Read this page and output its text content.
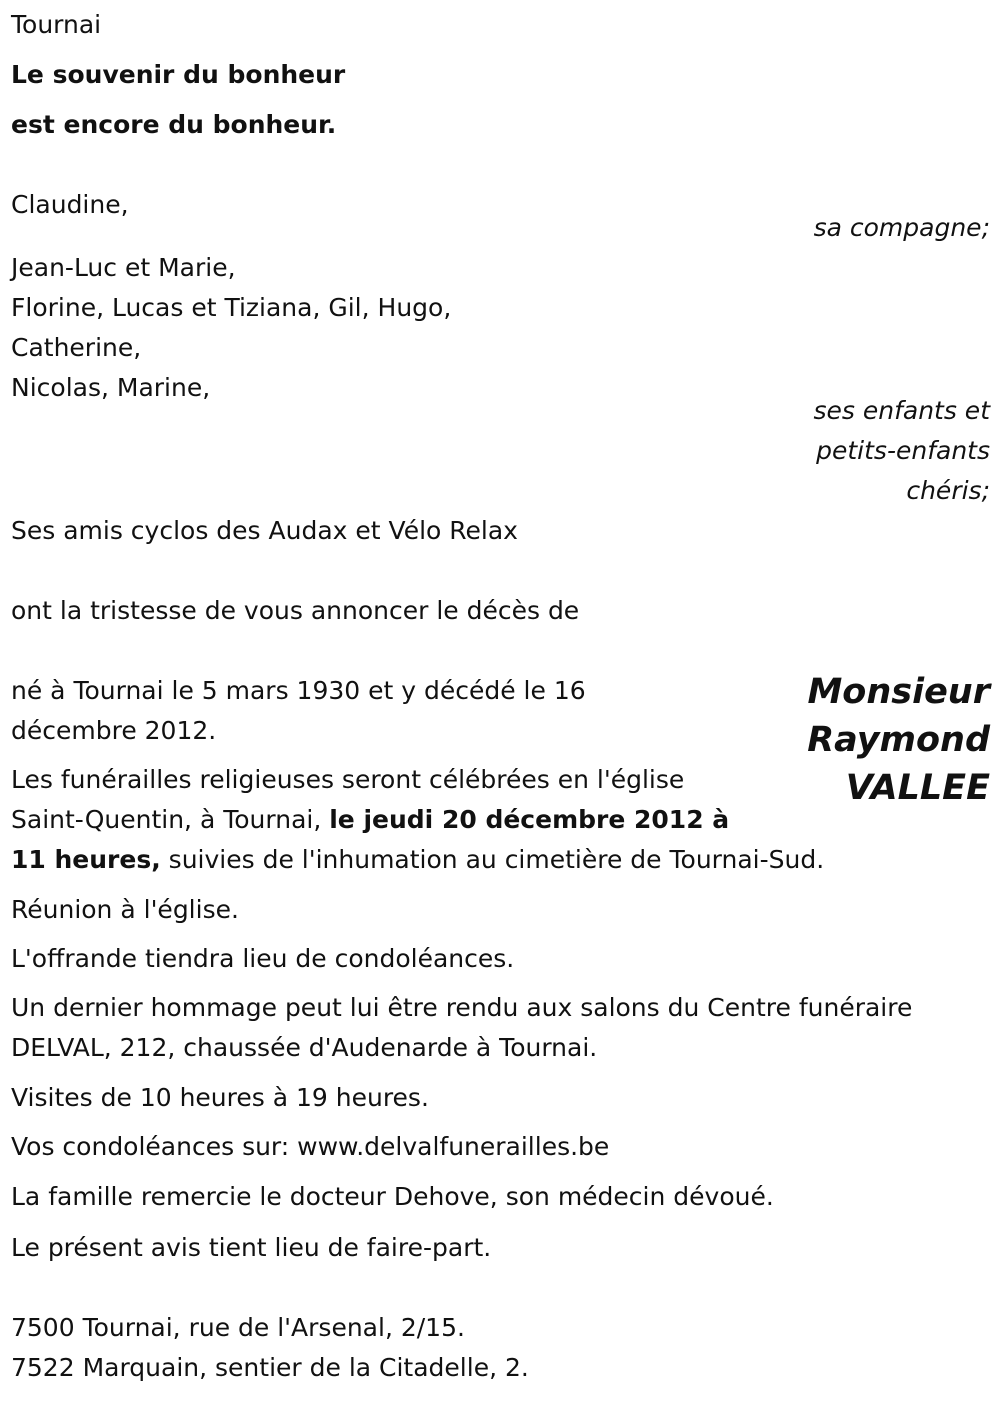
Tournai
Le souvenir du bonheur
est encore du bonheur.
Claudine,
sa compagne;
Jean-Luc et Marie,
Florine, Lucas et Tiziana, Gil, Hugo,
Catherine,
Nicolas, Marine,
ses enfants et
petits-enfants
chéris;
Ses amis cyclos des Audax et Vélo Relax
ont la tristesse de vous annoncer le décès de
Monsieur
Raymond
VALLEE
né à Tournai le 5 mars 1930 et y décédé le 16
décembre 2012.
Les funérailles religieuses seront célébrées en l'église
Saint-Quentin, à Tournai, le jeudi 20 décembre 2012 à
11 heures, suivies de l'inhumation au cimetière de Tournai-Sud.
Réunion à l'église.
L'offrande tiendra lieu de condoléances.
Un dernier hommage peut lui être rendu aux salons du Centre funéraire
DELVAL, 212, chaussée d'Audenarde à Tournai.
Visites de 10 heures à 19 heures.
Vos condoléances sur: www.delvalfunerailles.be
La famille remercie le docteur Dehove, son médecin dévoué.
Le présent avis tient lieu de faire-part.
7500 Tournai, rue de l'Arsenal, 2/15.
7522 Marquain, sentier de la Citadelle, 2.
